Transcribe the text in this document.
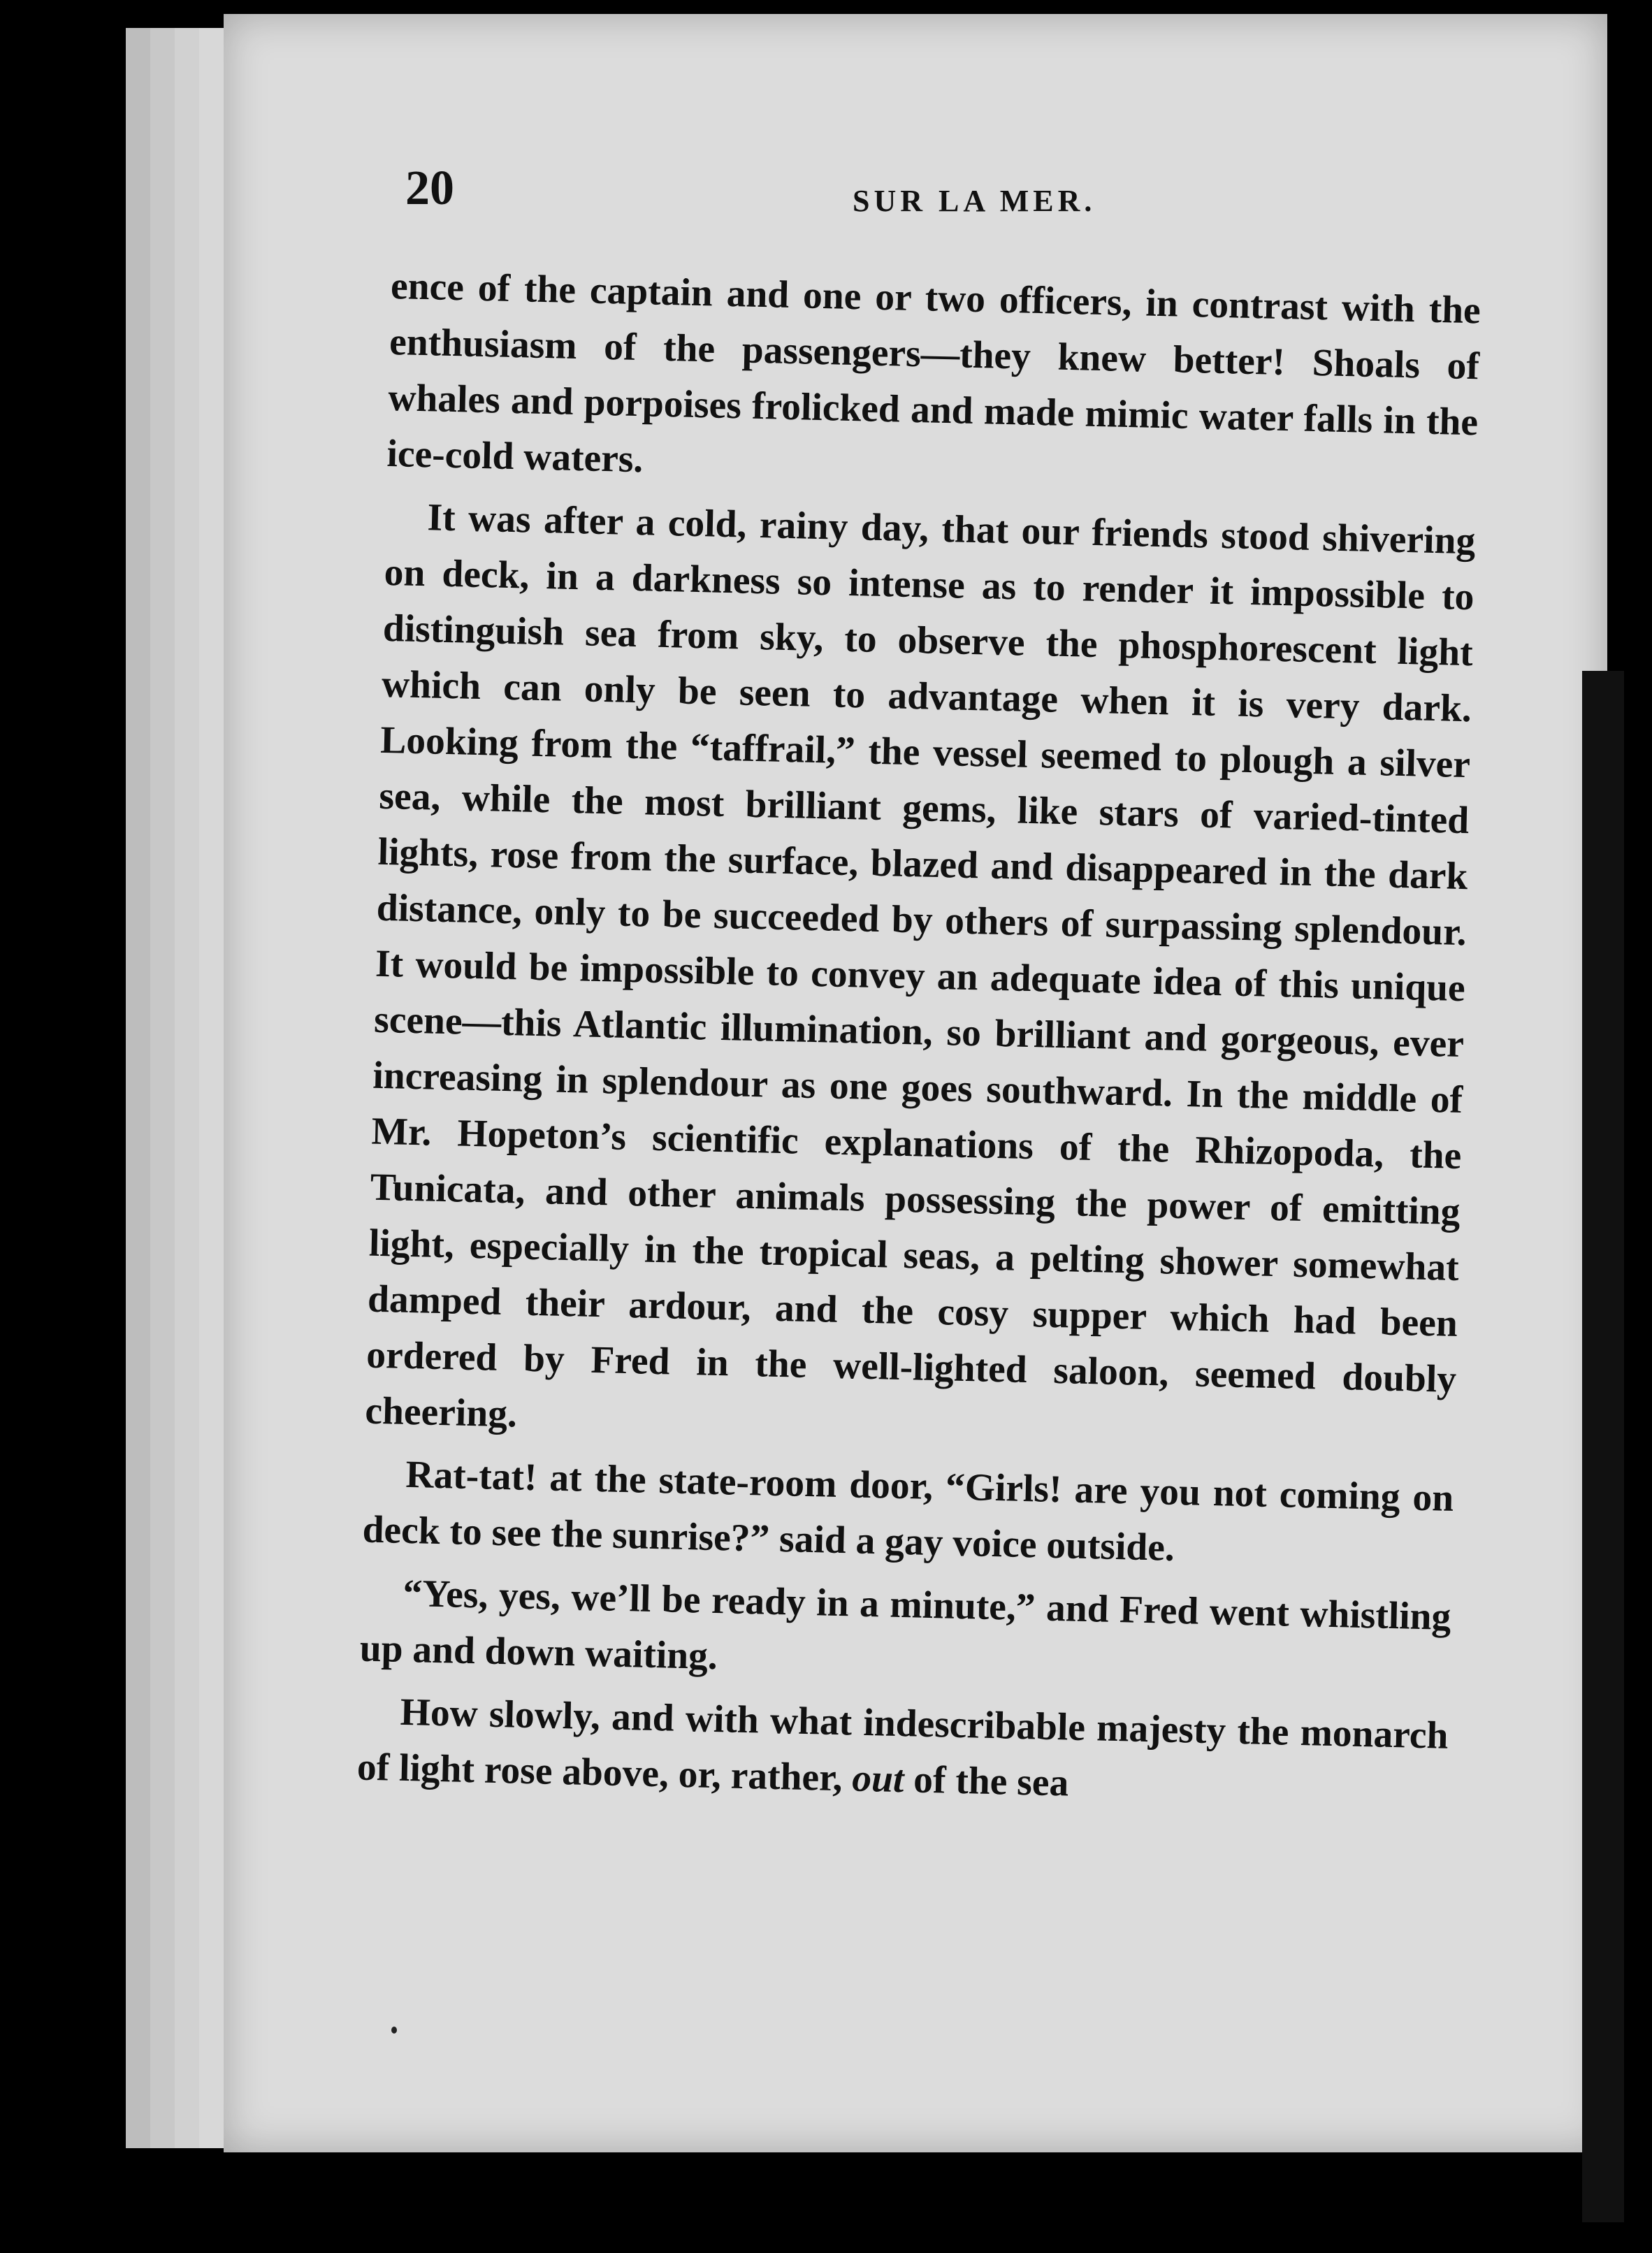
20	SUR LA MER.

ence of the captain and one or two officers, in contrast with the enthusiasm of the passengers—they knew better! Shoals of whales and porpoises frolicked and made mimic water falls in the ice-cold waters.

It was after a cold, rainy day, that our friends stood shivering on deck, in a darkness so intense as to render it impossible to distinguish sea from sky, to observe the phosphorescent light which can only be seen to advantage when it is very dark. Looking from the “taffrail,” the vessel seemed to plough a silver sea, while the most brilliant gems, like stars of varied-tinted lights, rose from the surface, blazed and disappeared in the dark distance, only to be succeeded by others of surpassing splendour. It would be impossible to convey an adequate idea of this unique scene—this Atlantic illumination, so brilliant and gorgeous, ever increasing in splendour as one goes southward. In the middle of Mr. Hopeton’s scientific explanations of the Rhizopoda, the Tunicata, and other animals possessing the power of emitting light, especially in the tropical seas, a pelting shower somewhat damped their ardour, and the cosy supper which had been ordered by Fred in the well-lighted saloon, seemed doubly cheering.

Rat-tat! at the state-room door, “Girls! are you not coming on deck to see the sunrise?” said a gay voice outside.

“Yes, yes, we’ll be ready in a minute,” and Fred went whistling up and down waiting.

How slowly, and with what indescribable majesty the monarch of light rose above, or, rather, out of the sea
